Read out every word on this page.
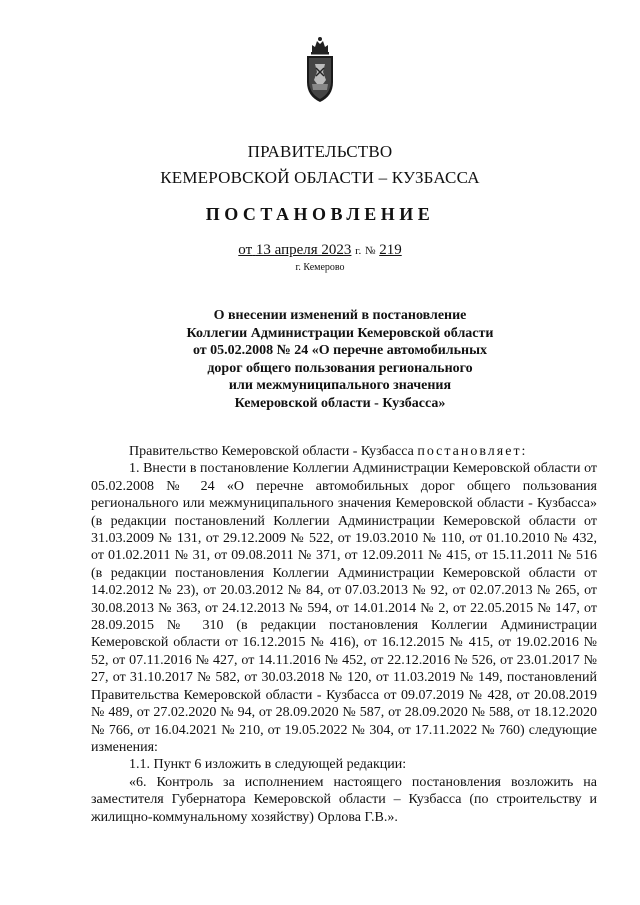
ПРАВИТЕЛЬСТВО
КЕМЕРОВСКОЙ ОБЛАСТИ – КУЗБАССА
ПОСТАНОВЛЕНИЕ
от 13 апреля 2023 г. № 219
г. Кемерово
О внесении изменений в постановление
Коллегии Администрации Кемеровской области
от 05.02.2008 № 24 «О перечне автомобильных
дорог общего пользования регионального
или межмуниципального значения
Кемеровской области - Кузбасса»

Правительство Кемеровской области - Кузбасса постановляет:

1. Внести в постановление Коллегии Администрации Кемеровской области от 05.02.2008 № 24 «О перечне автомобильных дорог общего пользования регионального или межмуниципального значения Кемеровской области - Кузбасса» (в редакции постановлений Коллегии Администрации Кемеровской области от 31.03.2009 № 131, от 29.12.2009 № 522, от 19.03.2010 № 110, от 01.10.2010 № 432, от 01.02.2011 № 31, от 09.08.2011 № 371, от 12.09.2011 № 415, от 15.11.2011 № 516 (в редакции постановления Коллегии Администрации Кемеровской области от 14.02.2012 № 23), от 20.03.2012 № 84, от 07.03.2013 № 92, от 02.07.2013 № 265, от 30.08.2013 № 363, от 24.12.2013 № 594, от 14.01.2014 № 2, от 22.05.2015 № 147, от 28.09.2015 № 310 (в редакции постановления Коллегии Администрации Кемеровской области от 16.12.2015 № 416), от 16.12.2015 № 415, от 19.02.2016 № 52, от 07.11.2016 № 427, от 14.11.2016 № 452, от 22.12.2016 № 526, от 23.01.2017 № 27, от 31.10.2017 № 582, от 30.03.2018 № 120, от 11.03.2019 № 149, постановлений Правительства Кемеровской области - Кузбасса от 09.07.2019 № 428, от 20.08.2019 № 489, от 27.02.2020 № 94, от 28.09.2020 № 587, от 28.09.2020 № 588, от 18.12.2020 № 766, от 16.04.2021 № 210, от 19.05.2022 № 304, от 17.11.2022 № 760) следующие изменения:

1.1. Пункт 6 изложить в следующей редакции:

«6. Контроль за исполнением настоящего постановления возложить на заместителя Губернатора Кемеровской области – Кузбасса (по строительству и жилищно-коммунальному хозяйству) Орлова Г.В.».
